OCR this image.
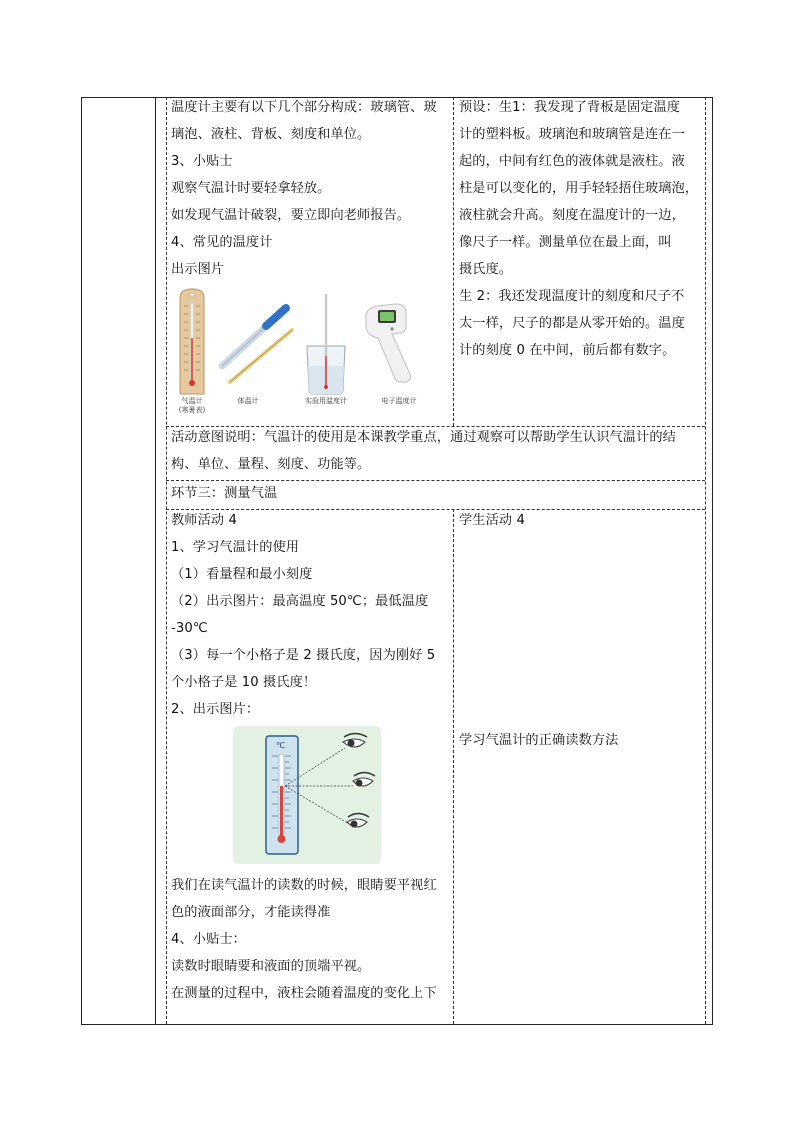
温度计主要有以下几个部分构成：玻璃管、玻
璃泡、液柱、背板、刻度和单位。
3、小贴士
观察气温计时要轻拿轻放。
如发现气温计破裂，要立即向老师报告。
4、常见的温度计
出示图片
气温计
(寒暑表)
体温计	实验用温度计	电子温度计
预设：生1：我发现了背板是固定温度
计的塑料板。玻璃泡和玻璃管是连在一
起的，中间有红色的液体就是液柱。液
柱是可以变化的，用手轻轻捂住玻璃泡，
液柱就会升高。刻度在温度计的一边，
像尺子一样。测量单位在最上面，叫
摄氏度。
生 2：我还发现温度计的刻度和尺子不
太一样，尺子的都是从零开始的。温度
计的刻度 0 在中间，前后都有数字。
活动意图说明：气温计的使用是本课教学重点，通过观察可以帮助学生认识气温计的结
构、单位、量程、刻度、功能等。
环节三：测量气温
教师活动 4
1、学习气温计的使用
（1）看量程和最小刻度
（2）出示图片：最高温度 50℃；最低温度
-30℃
（3）每一个小格子是 2 摄氏度，因为刚好 5
个小格子是 10 摄氏度！
2、出示图片：
℃
我们在读气温计的读数的时候，眼睛要平视红
色的液面部分，才能读得准
4、小贴士：
读数时眼睛要和液面的顶端平视。
在测量的过程中，液柱会随着温度的变化上下
学生活动 4
学习气温计的正确读数方法
